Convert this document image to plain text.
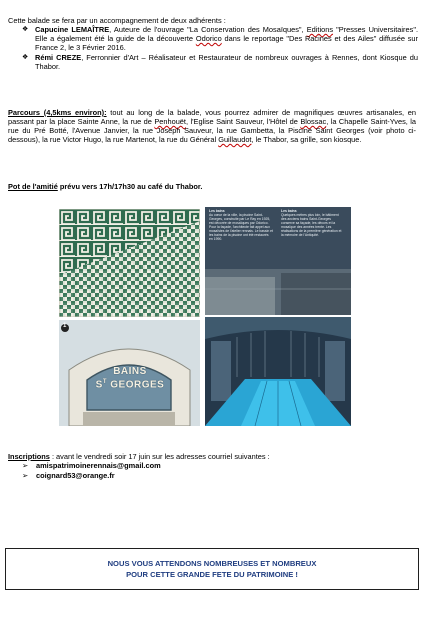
Cette balade se fera par un accompagnement de deux adhérents :

❖ Capucine LEMAÎTRE, Auteure de l'ouvrage "La Conservation des Mosaïques", Editions "Presses Universitaires". Elle a également été la guide de la découverte Odorico dans le reportage "Des Racines et des Ailes" diffusée sur France 2, le 3 Février 2016.

❖ Rémi CREZE, Ferronnier d'Art – Réalisateur et Restaurateur de nombreux ouvrages à Rennes, dont Kiosque du Thabor.

Parcours (4,5kms environ): tout au long de la balade, vous pourrez admirer de magnifiques œuvres artisanales, en passant par la place Sainte Anne, la rue de Penhouët, l'Eglise Saint Sauveur, l'Hôtel de Blossac, la Chapelle Saint-Yves, la rue du Pré Botté, l'Avenue Janvier, la rue Joseph Sauveur, la rue Gambetta, la Piscine Saint Georges (voir photo ci-dessous), la rue Victor Hugo, la rue Martenot, la rue du Général Guillaudot, le Thabor, sa grille, son kiosque.

Pot de l'amitié prévu vers 17h/17h30 au café du Thabor.

Les bains
Au cœur de la ville, la piscine Saint-Georges, construite par Le Ray en 1925, est décorée de mosaïques par Odorico. Pour la façade, l'architecte fait appel aux mosaïstes de l'atelier rennais. Le bassin et les bains de la piscine ont été restaurés en 1990.
Les bains
Quelques mètres plus loin, le bâtiment des anciens bains Saint-Georges conserve sa façade, les décors et la mosaïque des années trente. Les réalisations de la première génération et la mémoire de l'Antiquité.
1
BAINS
$S^T$ GEORGES

Inscriptions : avant le vendredi soir 17 juin sur les adresses courriel suivantes :

➢	amispatrimoinerennais@gmail.com
➢	coignard53@orange.fr
NOUS VOUS ATTENDONS NOMBREUSES ET NOMBREUX
POUR CETTE GRANDE FETE DU PATRIMOINE !
